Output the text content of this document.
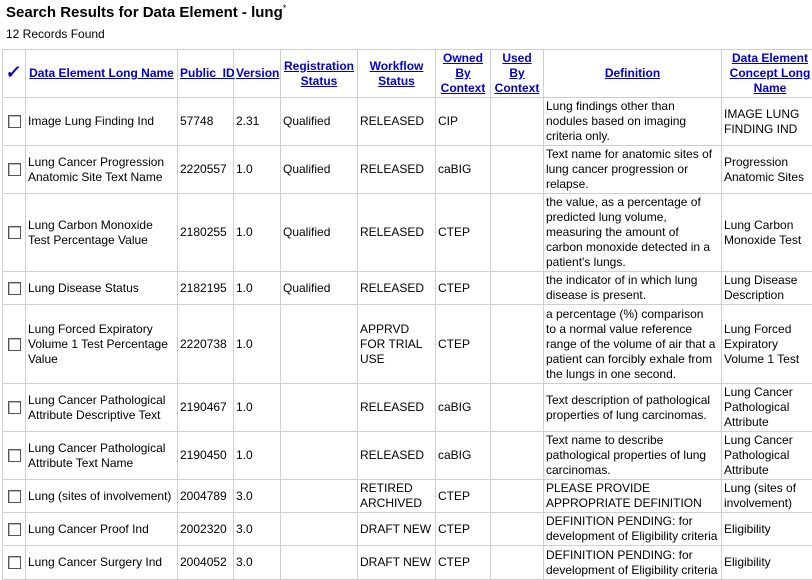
Search Results for Data Element - lung*
12 Records Found
✓	Data Element Long Name	Public_ID	Version	Registration
Status	Workflow
Status	Owned
By
Context	Used By
Context	Definition	Data Element
Concept Long
Name

	Image Lung Finding Ind	57748	2.31	Qualified	RELEASED	CIP		Lung findings other than
nodules based on imaging
criteria only.	IMAGE LUNG
FINDING IND

	Lung Cancer Progression
Anatomic Site Text Name	2220557	1.0	Qualified	RELEASED	caBIG		Text name for anatomic sites of
lung cancer progression or
relapse.	Progression
Anatomic Sites

	Lung Carbon Monoxide
Test Percentage Value	2180255	1.0	Qualified	RELEASED	CTEP		the value, as a percentage of
predicted lung volume,
measuring the amount of
carbon monoxide detected in a
patient's lungs.	Lung Carbon
Monoxide Test

	Lung Disease Status	2182195	1.0	Qualified	RELEASED	CTEP		the indicator of in which lung
disease is present.	Lung Disease
Description

	Lung Forced Expiratory
Volume 1 Test Percentage
Value	2220738	1.0		APPRVD
FOR TRIAL
USE	CTEP		a percentage (%) comparison
to a normal value reference
range of the volume of air that a
patient can forcibly exhale from
the lungs in one second.	Lung Forced
Expiratory
Volume 1 Test

	Lung Cancer Pathological
Attribute Descriptive Text	2190467	1.0		RELEASED	caBIG		Text description of pathological
properties of lung carcinomas.	Lung Cancer
Pathological
Attribute

	Lung Cancer Pathological
Attribute Text Name	2190450	1.0		RELEASED	caBIG		Text name to describe
pathological properties of lung
carcinomas.	Lung Cancer
Pathological
Attribute

	Lung (sites of involvement)	2004789	3.0		RETIRED
ARCHIVED	CTEP		PLEASE PROVIDE
APPROPRIATE DEFINITION	Lung (sites of
involvement)

	Lung Cancer Proof Ind	2002320	3.0		DRAFT NEW	CTEP		DEFINITION PENDING: for
development of Eligibility criteria	Eligibility

	Lung Cancer Surgery Ind	2004052	3.0		DRAFT NEW	CTEP		DEFINITION PENDING: for
development of Eligibility criteria	Eligibility
